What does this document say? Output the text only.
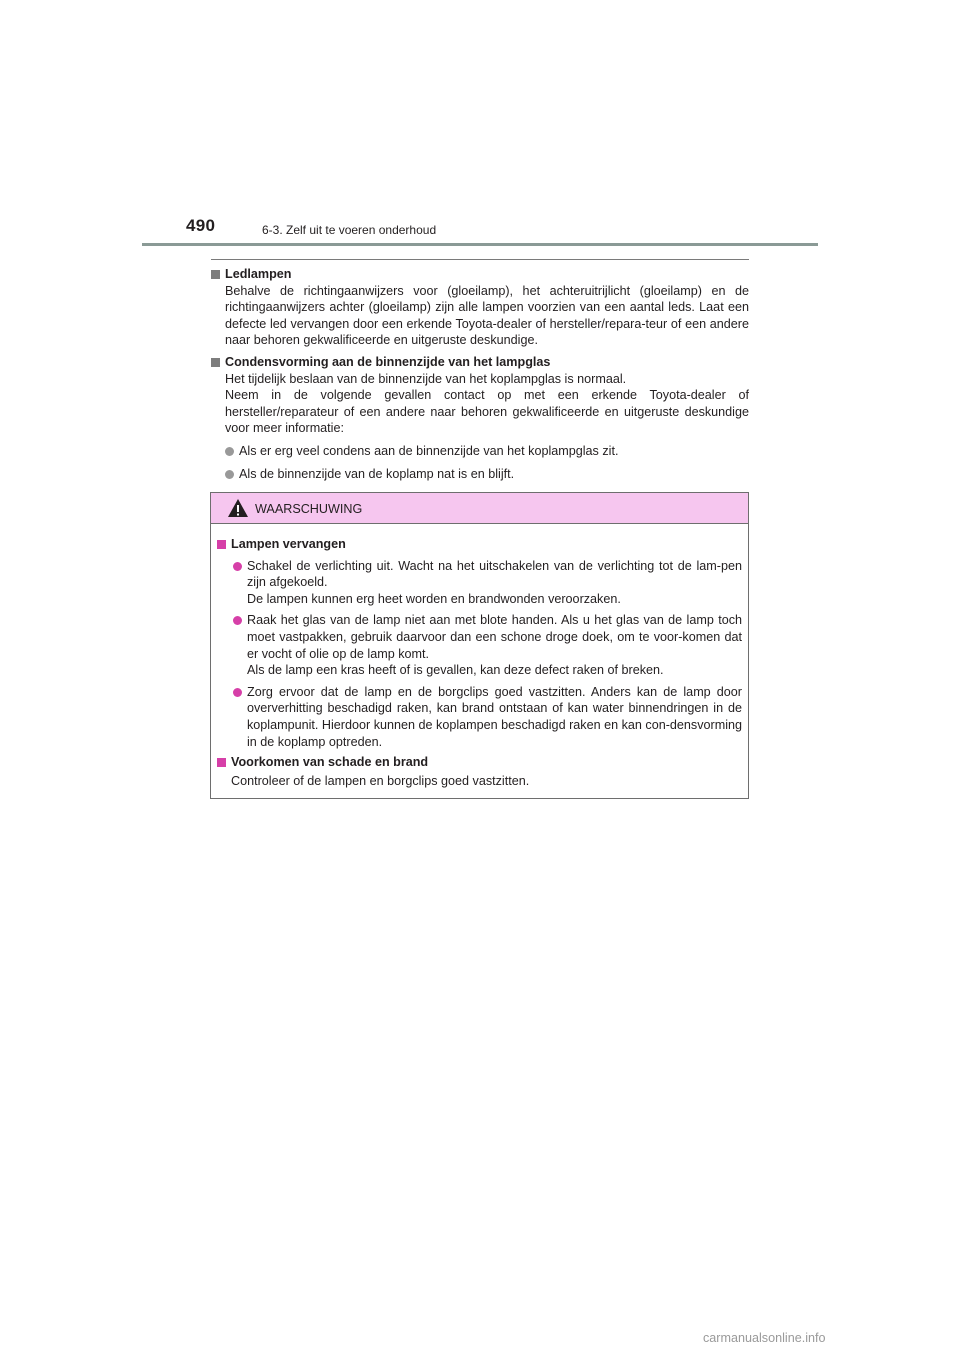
490	6-3. Zelf uit te voeren onderhoud
Ledlampen
Behalve de richtingaanwijzers voor (gloeilamp), het achteruitrijlicht (gloeilamp) en de richtingaanwijzers achter (gloeilamp) zijn alle lampen voorzien van een aantal leds. Laat een defecte led vervangen door een erkende Toyota-dealer of hersteller/repara-teur of een andere naar behoren gekwalificeerde en uitgeruste deskundige.
Condensvorming aan de binnenzijde van het lampglas
Het tijdelijk beslaan van de binnenzijde van het koplampglas is normaal.
Neem in de volgende gevallen contact op met een erkende Toyota-dealer of hersteller/reparateur of een andere naar behoren gekwalificeerde en uitgeruste deskundige voor meer informatie:
Als er erg veel condens aan de binnenzijde van het koplampglas zit.
Als de binnenzijde van de koplamp nat is en blijft.
WAARSCHUWING
Lampen vervangen
Schakel de verlichting uit. Wacht na het uitschakelen van de verlichting tot de lam-pen zijn afgekoeld.
De lampen kunnen erg heet worden en brandwonden veroorzaken.
Raak het glas van de lamp niet aan met blote handen. Als u het glas van de lamp toch moet vastpakken, gebruik daarvoor dan een schone droge doek, om te voor-komen dat er vocht of olie op de lamp komt.
Als de lamp een kras heeft of is gevallen, kan deze defect raken of breken.
Zorg ervoor dat de lamp en de borgclips goed vastzitten. Anders kan de lamp door oververhitting beschadigd raken, kan brand ontstaan of kan water binnendringen in de koplampunit. Hierdoor kunnen de koplampen beschadigd raken en kan con-densvorming in de koplamp optreden.
Voorkomen van schade en brand
Controleer of de lampen en borgclips goed vastzitten.
carmanualsonline.info
